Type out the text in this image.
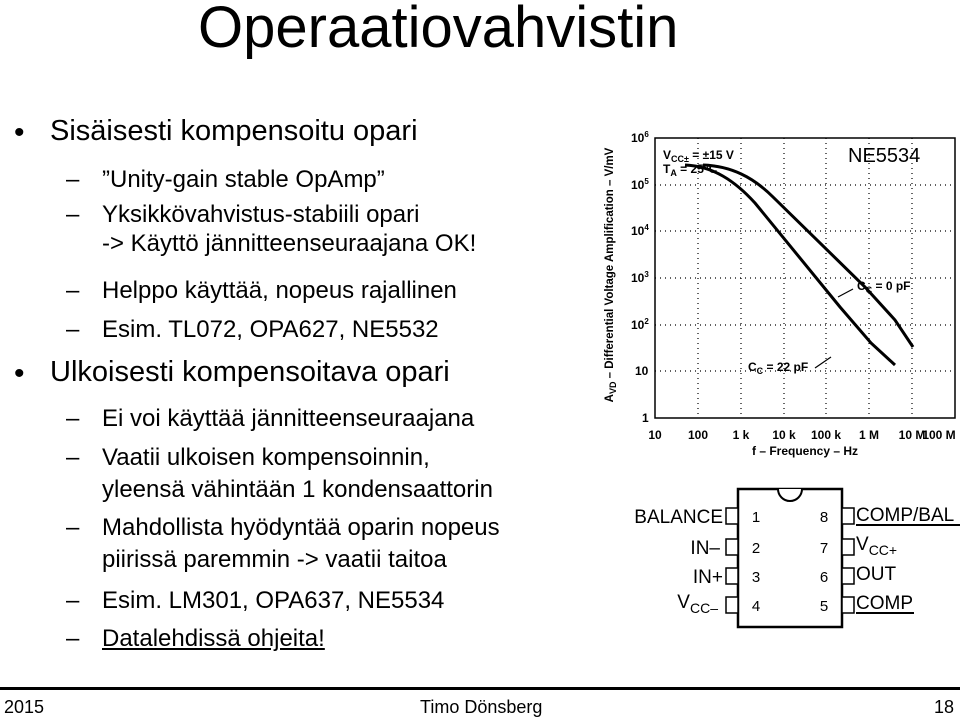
Operaatiovahvistin
• Sisäisesti kompensoitu opari
– ”Unity-gain stable OpAmp”
– Yksikkövahvistus-stabiili opari
-> Käyttö jännitteenseuraajana OK!
– Helppo käyttää, nopeus rajallinen
– Esim. TL072, OPA627, NE5532
• Ulkoisesti kompensoitava opari
– Ei voi käyttää jännitteenseuraajana
– Vaatii ulkoisen kompensoinnin,
yleensä vähintään 1 kondensaattorin
– Mahdollista hyödyntää oparin nopeus
piirissä paremmin -> vaatii taitoa
– Esim. LM301, OPA637, NE5534
– Datalehdissä ohjeita!
$V_{CC\pm} = \pm 15$ V
$T_A = 25^\circ C$
NE5534
$C_C = 22$ pF
$C_C = 0$ pF
$10^6$
$10^5$
$10^4$
$10^3$
$10^2$
10
1
10 100 1 k 10 k 100 k 1 M 10 M
100 M
f – Frequency – Hz
$A_{VD}$ – Differential Voltage Amplification – V/mV
1
2
3
4
8
7
6
5
BALANCE
IN–
IN+
$V_{CC-}$
COMP/BAL
$V_{CC+}$
OUT
COMP
2015	Timo Dönsberg	18
